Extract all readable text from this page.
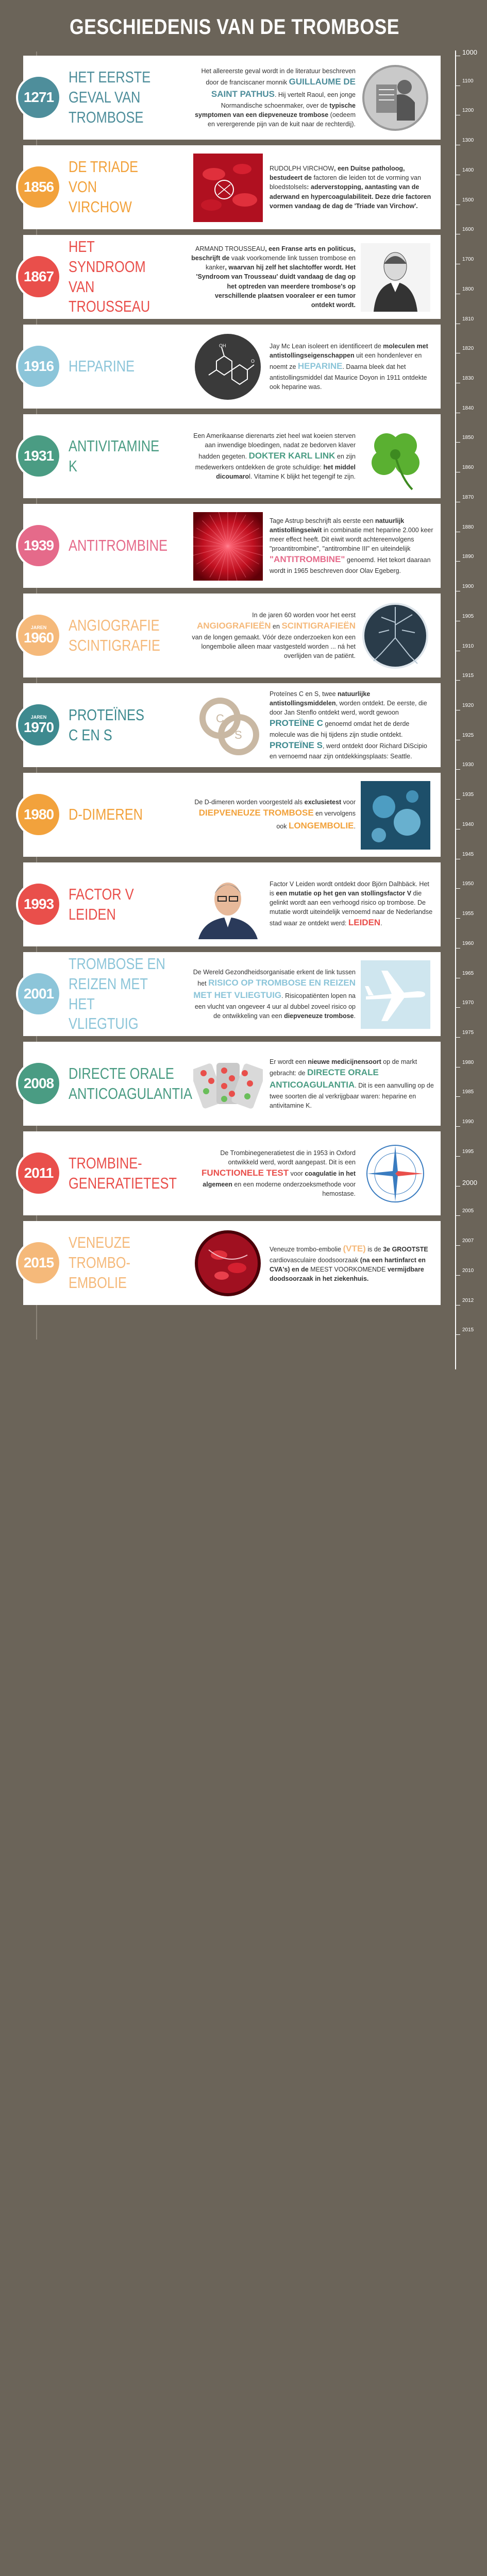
GESCHIEDENIS VAN DE TROMBOSE
1000
1100
1200
1300
1400
1500
1600
1700
1800
1810
1820
1830
1840
1850
1860
1870
1880
1890
1900
1905
1910
1915
1920
1925
1930
1935
1940
1945
1950
1955
1960
1965
1970
1975
1980
1985
1990
1995
2000
2005
2007
2010
2012
2015
1271
HET EERSTE
GEVAL VAN
TROMBOSE

Het allereerste geval wordt in de literatuur beschreven door de franciscaner monnik GUILLAUME DE SAINT PATHUS. Hij vertelt Raoul, een jonge Normandische schoenmaker, over de typische symptomen van een diepveneuze trombose (oedeem en verergerende pijn van de kuit naar de rechterdij).

1856
DE TRIADE
VON
VIRCHOW

RUDOLPH VIRCHOW, een Duitse patholoog, bestudeert de factoren die leiden tot de vorming van bloedstolsels: aderverstopping, aantasting van de aderwand en hypercoagulabiliteit. Deze drie factoren vormen vandaag de dag de 'Triade van Virchow'.

1867
HET SYNDROOM
VAN
TROUSSEAU

ARMAND TROUSSEAU, een Franse arts en politicus, beschrijft de vaak voorkomende link tussen trombose en kanker, waarvan hij zelf het slachtoffer wordt. Het 'Syndroom van Trousseau' duidt vandaag de dag op het optreden van meerdere trombose's op verschillende plaatsen vooraleer er een tumor ontdekt wordt.

1916 HEPARINE
OH
O

Jay Mc Lean isoleert en identificeert de moleculen met antistollingseigenschappen uit een hondenlever en noemt ze HEPARINE. Daarna bleek dat het antistollingsmiddel dat Maurice Doyon in 1911 ontdekte ook heparine was.

1931
ANTIVITAMINE K

Een Amerikaanse dierenarts ziet heel wat koeien sterven aan inwendige bloedingen, nadat ze bedorven klaver hadden gegeten. DOKTER KARL LINK en zijn medewerkers ontdekken de grote schuldige: het middel dicoumarol. Vitamine K blijkt het tegengif te zijn.

1939 ANTITROMBINE

Tage Astrup beschrijft als eerste een natuurlijk antistollingseiwit in combinatie met heparine 2.000 keer meer effect heeft. Dit eiwit wordt achtereenvolgens "proantitrombine", "antitrombine III" en uiteindelijk "ANTITROMBINE" genoemd. Het tekort daaraan wordt in 1965 beschreven door Olav Egeberg.

JAREN
1960
ANGIOGRAFIE
SCINTIGRAFIE

In de jaren 60 worden voor het eerst ANGIOGRAFIEËN en SCINTIGRAFIEËN van de longen gemaakt. Vóór deze onderzoeken kon een longembolie alleen maar vastgesteld worden ... ná het overlijden van de patiënt.

JAREN
1970
PROTEÏNES
C EN S
C
S

Proteïnes C en S, twee natuurlijke antistollingsmiddelen, worden ontdekt. De eerste, die door Jan Stenflo ontdekt werd, wordt gewoon PROTEÏNE C genoemd omdat het de derde molecule was die hij tijdens zijn studie ontdekt. PROTEÏNE S, werd ontdekt door Richard DiScipio en vernoemd naar zijn ontdekkingsplaats: Seattle.

1980 D-DIMEREN

De D-dimeren worden voorgesteld als exclusietest voor DIEPVENEUZE TROMBOSE en vervolgens ook LONGEMBOLIE.

1993
FACTOR V LEIDEN

Factor V Leiden wordt ontdekt door Björn Dalhbäck. Het is een mutatie op het gen van stollingsfactor V die gelinkt wordt aan een verhoogd risico op trombose. De mutatie wordt uiteindelijk vernoemd naar de Nederlandse stad waar ze ontdekt werd: LEIDEN.

2001
TROMBOSE EN
REIZEN MET HET
VLIEGTUIG

De Wereld Gezondheidsorganisatie erkent de link tussen het RISICO OP TROMBOSE EN REIZEN MET HET VLIEGTUIG. Risicopatiënten lopen na een vlucht van ongeveer 4 uur al dubbel zoveel risico op de ontwikkeling van een diepveneuze trombose.

2008
DIRECTE ORALE
ANTICOAGULANTIA

Er wordt een nieuwe medicijnensoort op de markt gebracht: de DIRECTE ORALE ANTICOAGULANTIA. Dit is een aanvulling op de twee soorten die al verkrijgbaar waren: heparine en antivitamine K.

2011
TROMBINE-
GENERATIETEST

De Trombinegeneratietest die in 1953 in Oxford ontwikkeld werd, wordt aangepast. Dit is een FUNCTIONELE TEST voor coagulatie in het algemeen en een moderne onderzoeksmethode voor hemostase.

2015
VENEUZE
TROMBO-EMBOLIE

Veneuze trombo-embolie (VTE) is de 3e GROOTSTE cardiovasculaire doodsoorzaak (na een hartinfarct en CVA's) en de MEEST VOORKOMENDE vermijdbare doodsoorzaak in het ziekenhuis.
